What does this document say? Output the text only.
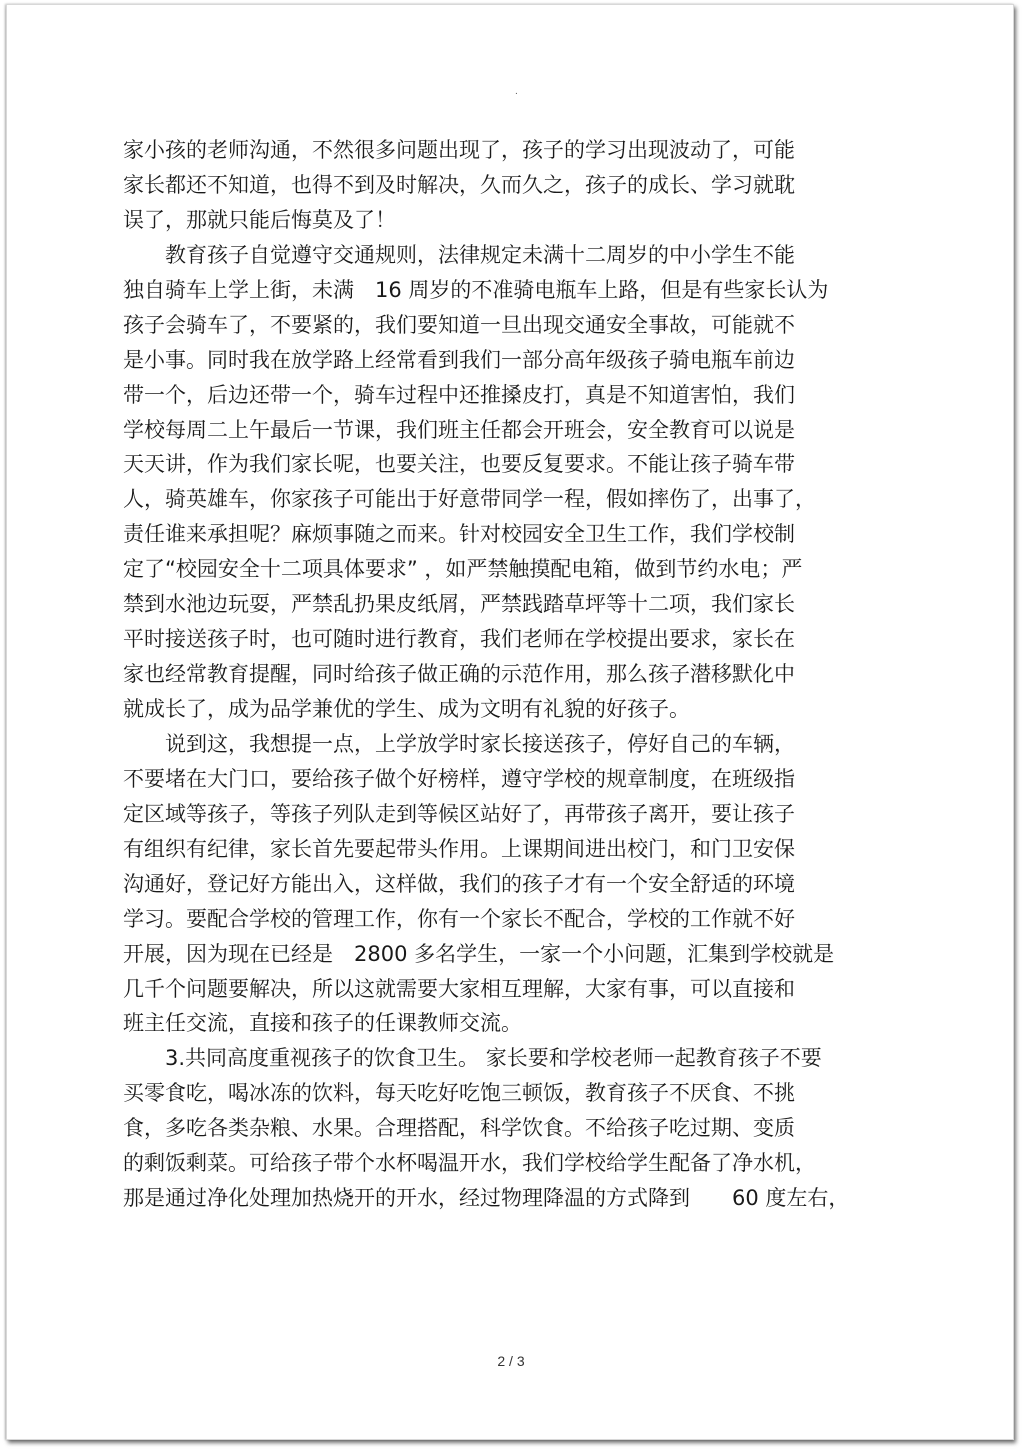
.
家小孩的老师沟通，不然很多问题出现了，孩子的学习出现波动了，可能
家长都还不知道，也得不到及时解决，久而久之，孩子的成长、学习就耽
误了，那就只能后悔莫及了！
　　教育孩子自觉遵守交通规则，法律规定未满十二周岁的中小学生不能
独自骑车上学上街，未满　16 周岁的不准骑电瓶车上路，但是有些家长认为
孩子会骑车了，不要紧的，我们要知道一旦出现交通安全事故，可能就不
是小事。同时我在放学路上经常看到我们一部分高年级孩子骑电瓶车前边
带一个，后边还带一个，骑车过程中还推搡皮打，真是不知道害怕，我们
学校每周二上午最后一节课，我们班主任都会开班会，安全教育可以说是
天天讲，作为我们家长呢，也要关注，也要反复要求。不能让孩子骑车带
人，骑英雄车，你家孩子可能出于好意带同学一程，假如摔伤了，出事了，
责任谁来承担呢？麻烦事随之而来。针对校园安全卫生工作，我们学校制
定了“校园安全十二项具体要求” ，如严禁触摸配电箱，做到节约水电；严
禁到水池边玩耍，严禁乱扔果皮纸屑，严禁践踏草坪等十二项，我们家长
平时接送孩子时，也可随时进行教育，我们老师在学校提出要求，家长在
家也经常教育提醒，同时给孩子做正确的示范作用，那么孩子潜移默化中
就成长了，成为品学兼优的学生、成为文明有礼貌的好孩子。
　　说到这，我想提一点，上学放学时家长接送孩子，停好自己的车辆，
不要堵在大门口，要给孩子做个好榜样，遵守学校的规章制度，在班级指
定区域等孩子，等孩子列队走到等候区站好了，再带孩子离开，要让孩子
有组织有纪律，家长首先要起带头作用。上课期间进出校门，和门卫安保
沟通好，登记好方能出入，这样做，我们的孩子才有一个安全舒适的环境
学习。要配合学校的管理工作，你有一个家长不配合，学校的工作就不好
开展，因为现在已经是　2800 多名学生，一家一个小问题，汇集到学校就是
几千个问题要解决，所以这就需要大家相互理解，大家有事，可以直接和
班主任交流，直接和孩子的任课教师交流。
　　3.共同高度重视孩子的饮食卫生。 家长要和学校老师一起教育孩子不要
买零食吃，喝冰冻的饮料，每天吃好吃饱三顿饭，教育孩子不厌食、不挑
食，多吃各类杂粮、水果。合理搭配，科学饮食。不给孩子吃过期、变质
的剩饭剩菜。可给孩子带个水杯喝温开水，我们学校给学生配备了净水机，
那是通过净化处理加热烧开的开水，经过物理降温的方式降到　　60 度左右，
2 / 3
